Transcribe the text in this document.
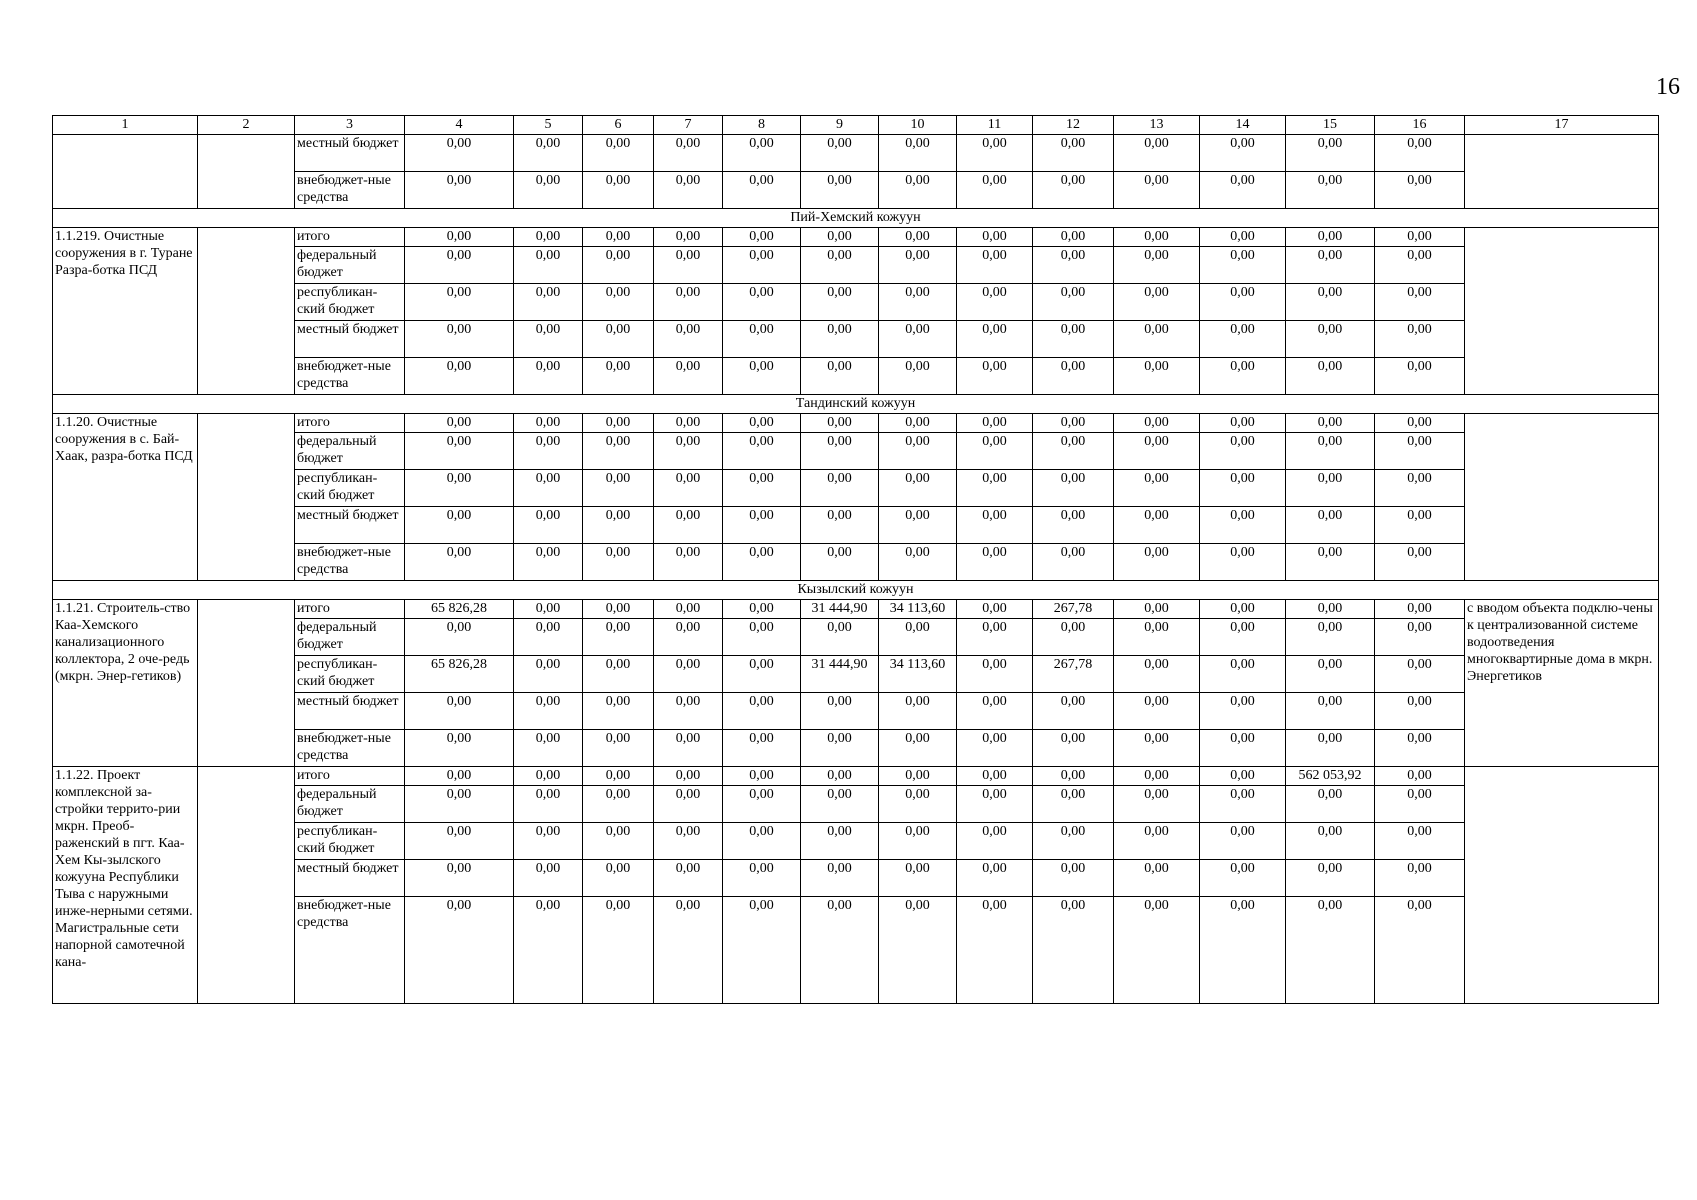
16
1	2	3	4	5	6	7	8	9	10	11	12	13	14	15	16	17
		местный бюджет	0,00	0,00	0,00	0,00	0,00	0,00	0,00	0,00	0,00	0,00	0,00	0,00	0,00	
		внебюджет-ные средства	0,00	0,00	0,00	0,00	0,00	0,00	0,00	0,00	0,00	0,00	0,00	0,00	0,00	
Пий-Хемский кожуун																
1.1.219. Очистные сооружения в г. Туране Разра-ботка ПСД		итого	0,00	0,00	0,00	0,00	0,00	0,00	0,00	0,00	0,00	0,00	0,00	0,00	0,00	
		федеральный бюджет	0,00	0,00	0,00	0,00	0,00	0,00	0,00	0,00	0,00	0,00	0,00	0,00	0,00	
		республикан-ский бюджет	0,00	0,00	0,00	0,00	0,00	0,00	0,00	0,00	0,00	0,00	0,00	0,00	0,00	
		местный бюджет	0,00	0,00	0,00	0,00	0,00	0,00	0,00	0,00	0,00	0,00	0,00	0,00	0,00	
		внебюджет-ные средства	0,00	0,00	0,00	0,00	0,00	0,00	0,00	0,00	0,00	0,00	0,00	0,00	0,00	
Тандинский кожуун																
1.1.20. Очистные сооружения в с. Бай-Хаак, разра-ботка ПСД		итого	0,00	0,00	0,00	0,00	0,00	0,00	0,00	0,00	0,00	0,00	0,00	0,00	0,00	
		федеральный бюджет	0,00	0,00	0,00	0,00	0,00	0,00	0,00	0,00	0,00	0,00	0,00	0,00	0,00	
		республикан-ский бюджет	0,00	0,00	0,00	0,00	0,00	0,00	0,00	0,00	0,00	0,00	0,00	0,00	0,00	
		местный бюджет	0,00	0,00	0,00	0,00	0,00	0,00	0,00	0,00	0,00	0,00	0,00	0,00	0,00	
		внебюджет-ные средства	0,00	0,00	0,00	0,00	0,00	0,00	0,00	0,00	0,00	0,00	0,00	0,00	0,00	
Кызылский кожуун																
1.1.21. Строитель-ство Каа-Хемского канализационного коллектора, 2 оче-редь (мкрн. Энер-гетиков)		итого	65 826,28	0,00	0,00	0,00	0,00	31 444,90	34 113,60	0,00	267,78	0,00	0,00	0,00	0,00	с вводом объекта подклю-чены к централизованной системе водоотведения многоквартирные дома в мкрн. Энергетиков
		федеральный бюджет	0,00	0,00	0,00	0,00	0,00	0,00	0,00	0,00	0,00	0,00	0,00	0,00	0,00	
		республикан-ский бюджет	65 826,28	0,00	0,00	0,00	0,00	31 444,90	34 113,60	0,00	267,78	0,00	0,00	0,00	0,00	
		местный бюджет	0,00	0,00	0,00	0,00	0,00	0,00	0,00	0,00	0,00	0,00	0,00	0,00	0,00	
		внебюджет-ные средства	0,00	0,00	0,00	0,00	0,00	0,00	0,00	0,00	0,00	0,00	0,00	0,00	0,00	
1.1.22. Проект комплексной за-стройки террито-рии мкрн. Преоб-раженский в пгт. Каа-Хем Кы-зылского кожууна Республики Тыва с наружными инже-нерными сетями. Магистральные сети напорной самотечной кана-		итого	0,00	0,00	0,00	0,00	0,00	0,00	0,00	0,00	0,00	0,00	0,00	562 053,92	0,00	
		федеральный бюджет	0,00	0,00	0,00	0,00	0,00	0,00	0,00	0,00	0,00	0,00	0,00	0,00	0,00	
		республикан-ский бюджет	0,00	0,00	0,00	0,00	0,00	0,00	0,00	0,00	0,00	0,00	0,00	0,00	0,00	
		местный бюджет	0,00	0,00	0,00	0,00	0,00	0,00	0,00	0,00	0,00	0,00	0,00	0,00	0,00	
		внебюджет-ные средства	0,00	0,00	0,00	0,00	0,00	0,00	0,00	0,00	0,00	0,00	0,00	0,00	0,00	
